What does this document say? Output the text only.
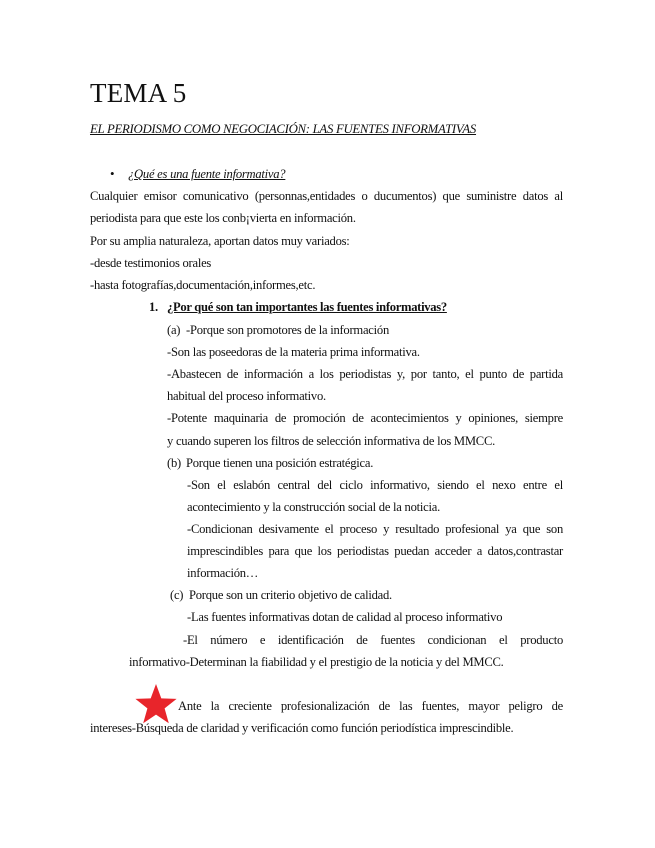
TEMA 5
EL PERIODISMO COMO NEGOCIACIÓN: LAS FUENTES INFORMATIVAS
• ¿Qué es una fuente informativa?
Cualquier emisor comunicativo (personnas,entidades o ducumentos) que suministre datos al
periodista para que este los conb¡vierta en información.
Por su amplia naturaleza, aportan datos muy variados:
-desde testimonios orales
-hasta fotografías,documentación,informes,etc.
1. ¿Por qué son tan importantes las fuentes informativas?
(a) -Porque son promotores de la información
-Son las poseedoras de la materia prima informativa.
-Abastecen de información a los periodistas y, por tanto, el punto de partida
habitual del proceso informativo.
-Potente maquinaria de promoción de acontecimientos y opiniones, siempre
y cuando superen los filtros de selección informativa de los MMCC.
(b) Porque tienen una posición estratégica.
-Son el eslabón central del ciclo informativo, siendo el nexo entre el
acontecimiento y la construcción social de la noticia.
-Condicionan desivamente el proceso y resultado profesional ya que son
imprescindibles para que los periodistas puedan acceder a datos,contrastar
información…
(c) Porque son un criterio objetivo de calidad.
-Las fuentes informativas dotan de calidad al proceso informativo
-El número e identificación de fuentes condicionan el producto
informativo-Determinan la fiabilidad y el prestigio de la noticia y del MMCC.
Ante la creciente profesionalización de las fuentes, mayor peligro de
intereses-Búsqueda de claridad y verificación como función periodística imprescindible.
